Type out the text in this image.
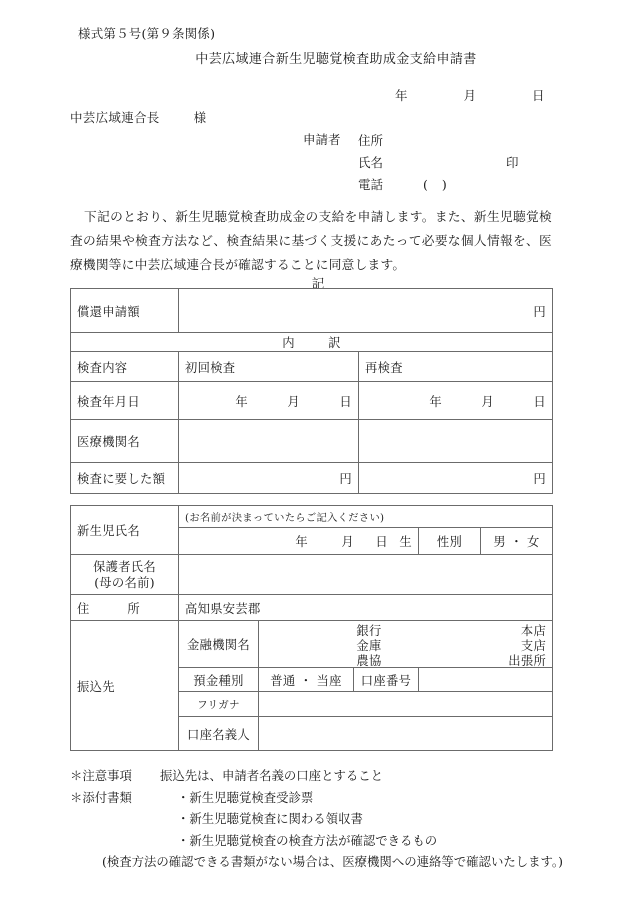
様式第５号(第９条関係)
中芸広域連合新生児聴覚検査助成金支給申請書
年	月	日
中芸広域連合長	様
申請者 住所
氏名	印
電話	()
下記のとおり、新生児聴覚検査助成金の支給を申請します。また、新生児聴覚検査の結果や検査方法など、検査結果に基づく支援にあたって必要な個人情報を、医療機関等に中芸広域連合長が確認することに同意します。
記
償還申請額	円	
内 訳		
検査内容	初回検査	再検査
検査年月日	年 月 日	年 月 日

医療機関名		
検査に要した額	円	円
新生児氏名	(お名前が決まっていたらご記入ください)				

	年 月 日 生			性別	男 ・ 女

保護者氏名
(母の名前)					

住　　　所	高知県安芸郡				
振込先	金融機関名	
銀行
金庫
農協
本店
支店
出張所

	預金種別	普通 ・ 当座	口座番号		
	フリガナ				
	口座名義人				
＊注意事項 振込先は、申請者名義の口座とすること
＊添付書類	・新生児聴覚検査受診票
・新生児聴覚検査に関わる領収書
・新生児聴覚検査の検査方法が確認できるもの
(検査方法の確認できる書類がない場合は、医療機関への連絡等で確認いたします。)
